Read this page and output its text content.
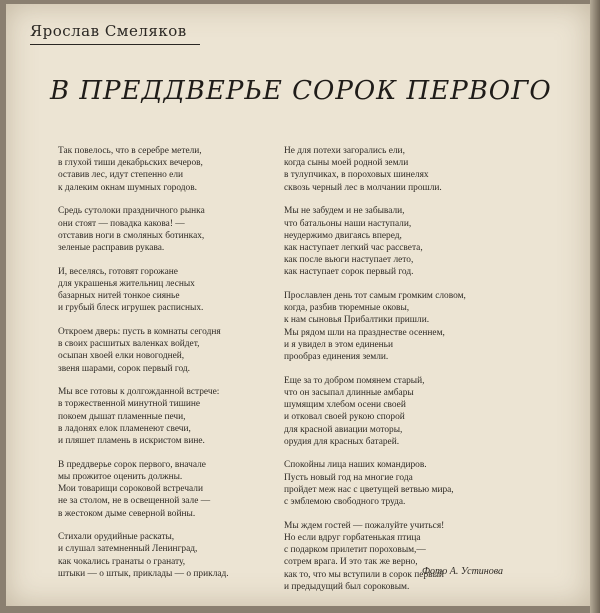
Ярослав Смеляков
В ПРЕДДВЕРЬЕ СОРОК ПЕРВОГО
Так повелось, что в серебре метели,
в глухой тиши декабрьских вечеров,
оставив лес, идут степенно ели
к далеким окнам шумных городов.
Средь сутолоки праздничного рынка
они стоят — повадка какова! —
отставив ноги в смоляных ботинках,
зеленые расправив рукава.
И, веселясь, готовят горожане
для украшенья жительниц лесных
базарных нитей тонкое сиянье
и грубый блеск игрушек расписных.
Откроем дверь: пусть в комнаты сегодня
в своих расшитых валенках войдет,
осыпан хвоей елки новогодней,
звеня шарами, сорок первый год.
Мы все готовы к долгожданной встрече:
в торжественной минутной тишине
покоем дышат пламенные печи,
в ладонях елок пламенеют свечи,
и пляшет пламень в искристом вине.
В преддверье сорок первого, вначале
мы прожитое оценить должны.
Мои товарищи сороковой встречали
не за столом, не в освещенной зале —
в жестоком дыме северной войны.
Стихали орудийные раскаты,
и слушал затемненный Ленинград,
как чокались гранаты о гранату,
штыки — о штык, приклады — о приклад.
Не для потехи загорались ели,
когда сыны моей родной земли
в тулупчиках, в пороховых шинелях
сквозь черный лес в молчании прошли.
Мы не забудем и не забывали,
что батальоны наши наступали,
неудержимо двигаясь вперед,
как наступает легкий час рассвета,
как после вьюги наступает лето,
как наступает сорок первый год.
Прославлен день тот самым громким словом,
когда, разбив тюремные оковы,
к нам сыновья Прибалтики пришли.
Мы рядом шли на празднестве осеннем,
и я увидел в этом единеньи
прообраз единения земли.
Еще за то добром помянем старый,
что он засыпал длинные амбары
шумящим хлебом осени своей
и отковал своей рукою спорой
для красной авиации моторы,
орудия для красных батарей.
Спокойны лица наших командиров.
Пусть новый год на многие года
пройдет меж нас с цветущей ветвью мира,
с эмблемою свободного труда.
Мы ждем гостей — пожалуйте учиться!
Но если вдруг горбатенькая птица
с подарком прилетит пороховым,—
сотрем врага. И это так же верно,
как то, что мы вступили в сорок первый
и предыдущий был сороковым.
Фото А. Устинова
